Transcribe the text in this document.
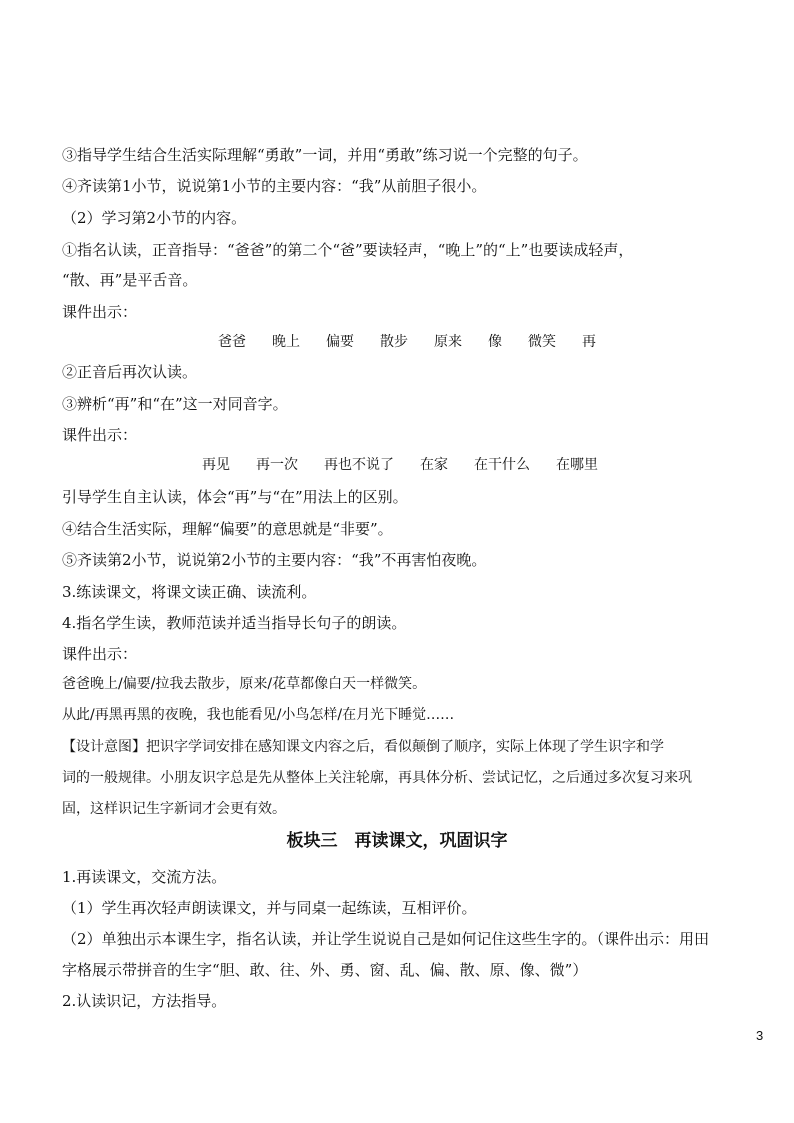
③指导学生结合生活实际理解“勇敢”一词，并用“勇敢”练习说一个完整的句子。
④齐读第1小节，说说第1小节的主要内容：“我”从前胆子很小。
（2）学习第2小节的内容。
①指名认读，正音指导：“爸爸”的第二个“爸”要读轻声，“晚上”的“上”也要读成轻声，
“散、再”是平舌音。
课件出示：
爸爸 晚上 偏要 散步 原来 像 微笑 再
②正音后再次认读。
③辨析“再”和“在”这一对同音字。
课件出示：
再见 再一次 再也不说了 在家 在干什么 在哪里
引导学生自主认读，体会“再”与“在”用法上的区别。
④结合生活实际，理解“偏要”的意思就是“非要”。
⑤齐读第2小节，说说第2小节的主要内容：“我”不再害怕夜晚。
3.练读课文，将课文读正确、读流利。
4.指名学生读，教师范读并适当指导长句子的朗读。
课件出示：
爸爸晚上/偏要/拉我去散步，原来/花草都像白天一样微笑。
从此/再黑再黑的夜晚，我也能看见/小鸟怎样/在月光下睡觉……
【设计意图】把识字学词安排在感知课文内容之后，看似颠倒了顺序，实际上体现了学生识字和学
词的一般规律。小朋友识字总是先从整体上关注轮廓，再具体分析、尝试记忆，之后通过多次复习来巩
固，这样识记生字新词才会更有效。
板块三　再读课文，巩固识字
1.再读课文，交流方法。
（1）学生再次轻声朗读课文，并与同桌一起练读，互相评价。
（2）单独出示本课生字，指名认读，并让学生说说自己是如何记住这些生字的。（课件出示：用田
字格展示带拼音的生字“胆、敢、往、外、勇、窗、乱、偏、散、原、像、微”）
2.认读识记，方法指导。
3
